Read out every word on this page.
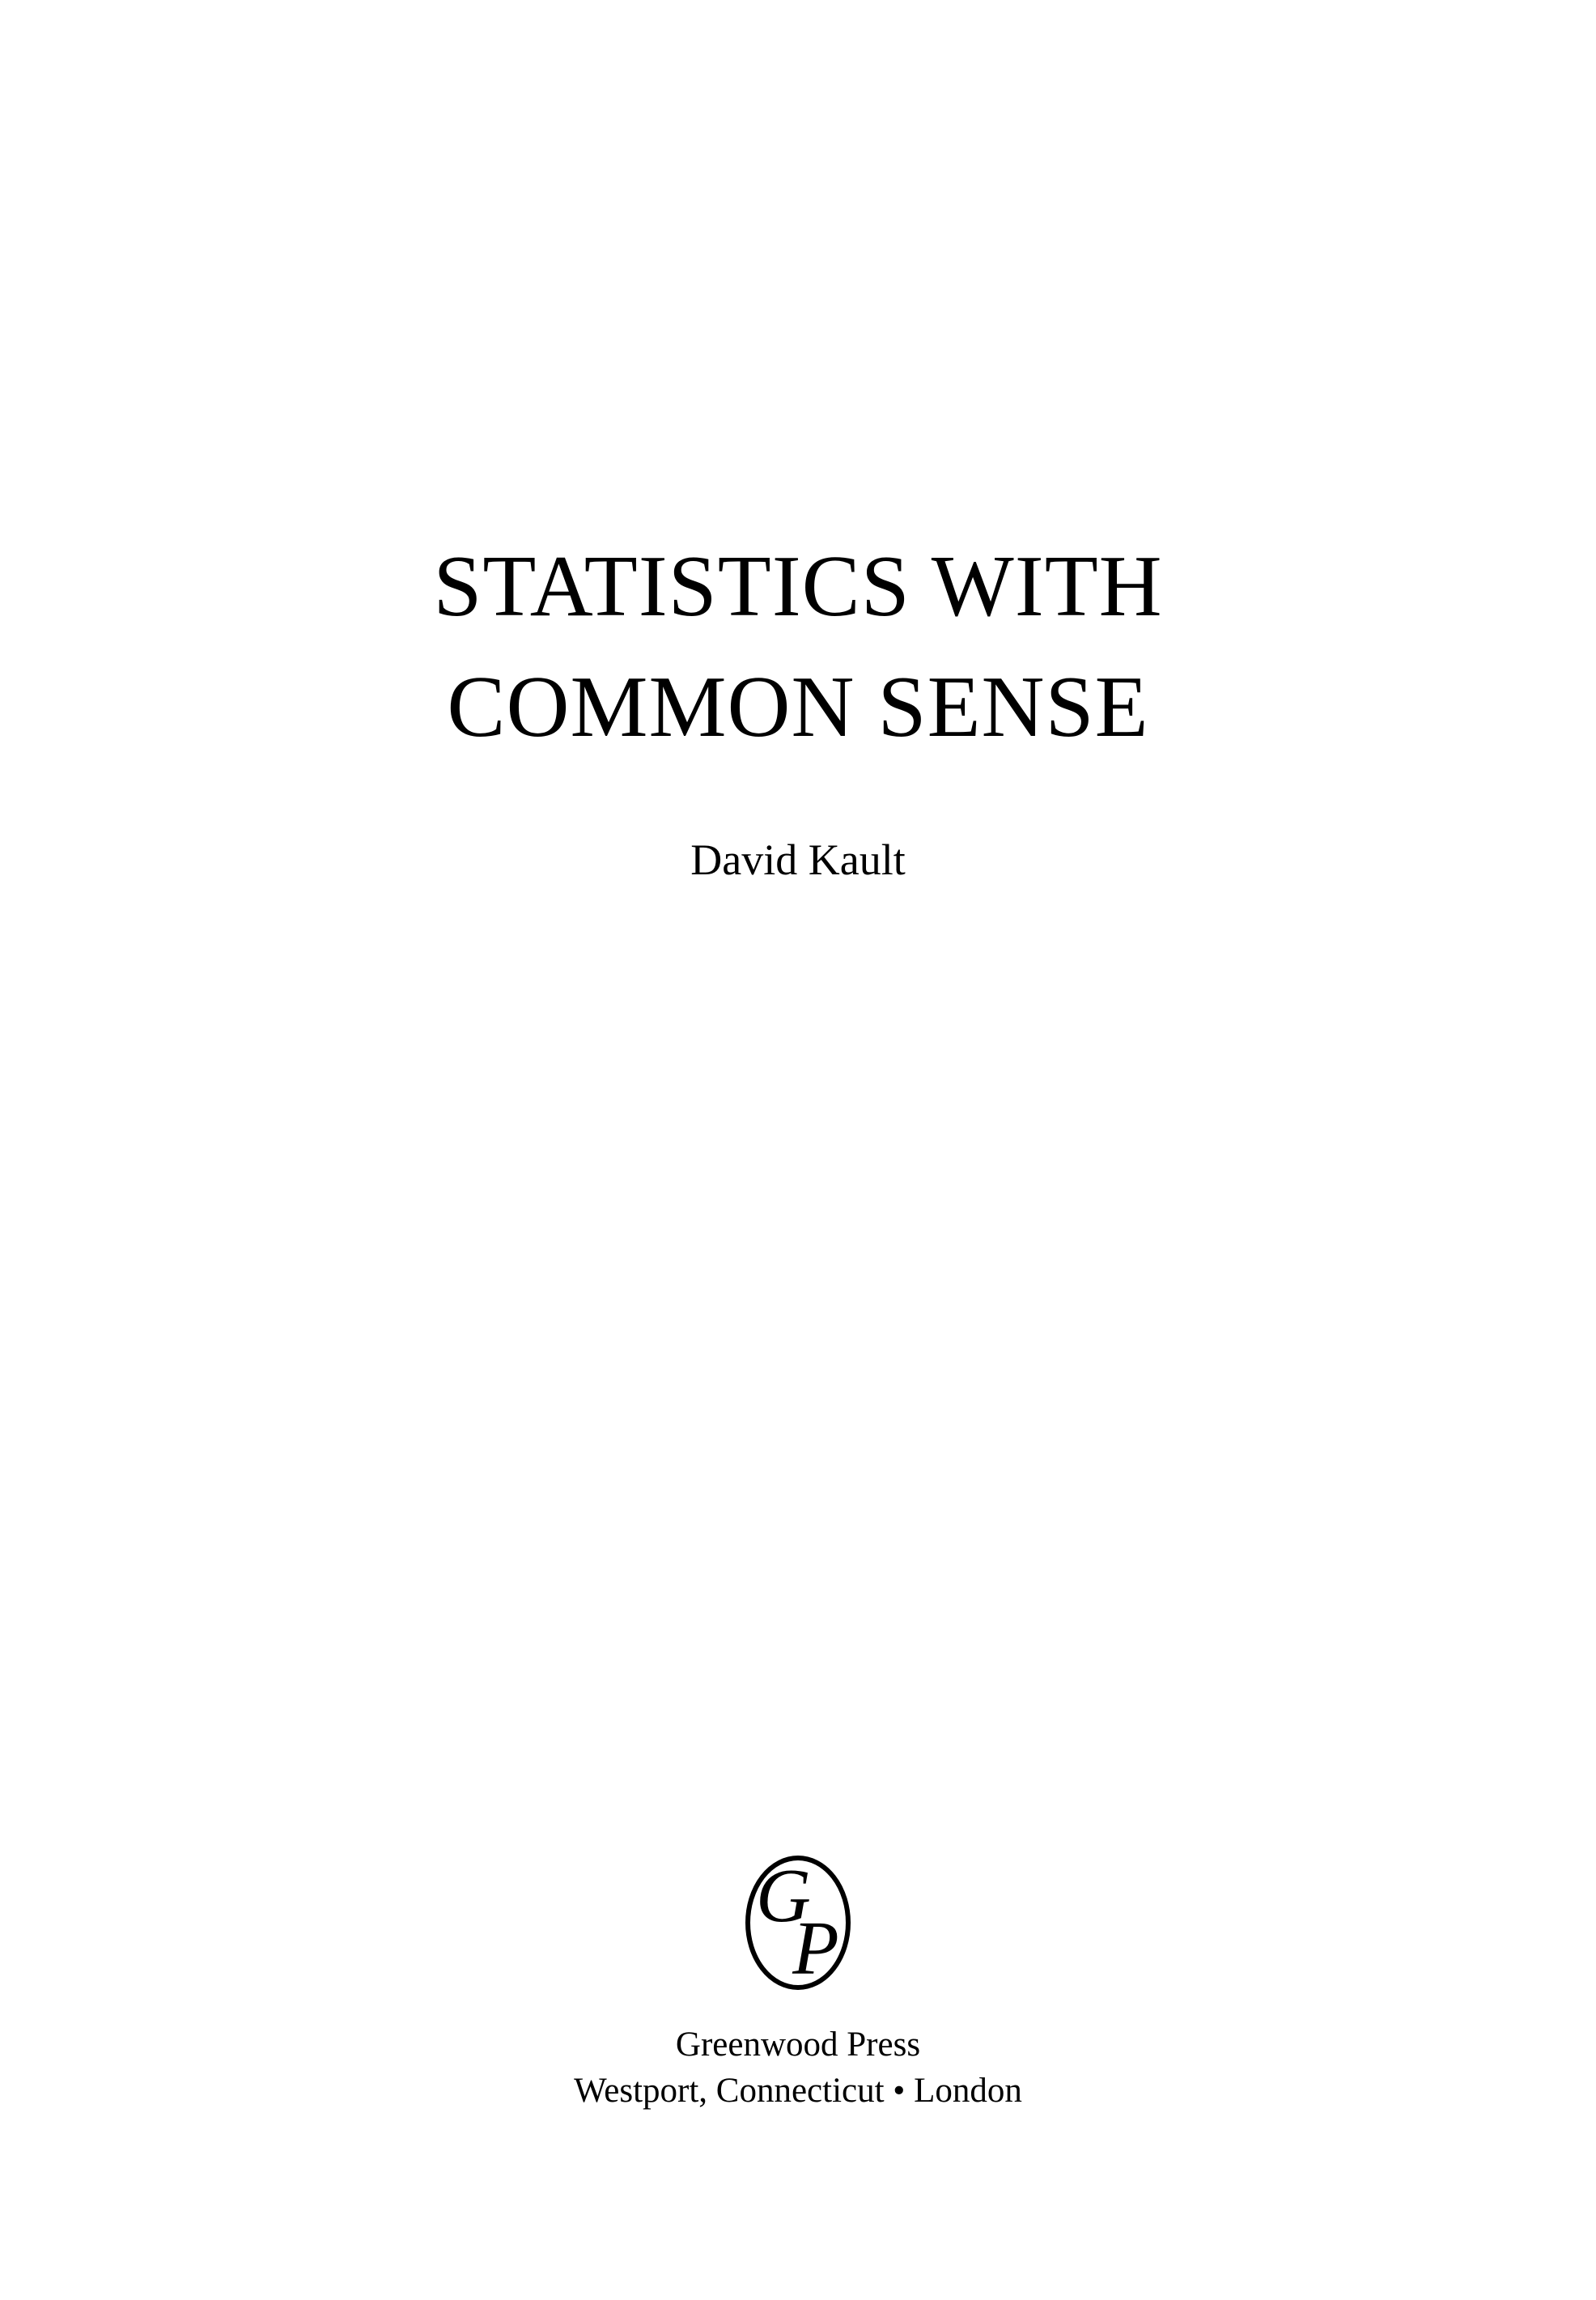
STATISTICS WITH
COMMON SENSE
David Kault
G
P
Greenwood Press
Westport, Connecticut • London
